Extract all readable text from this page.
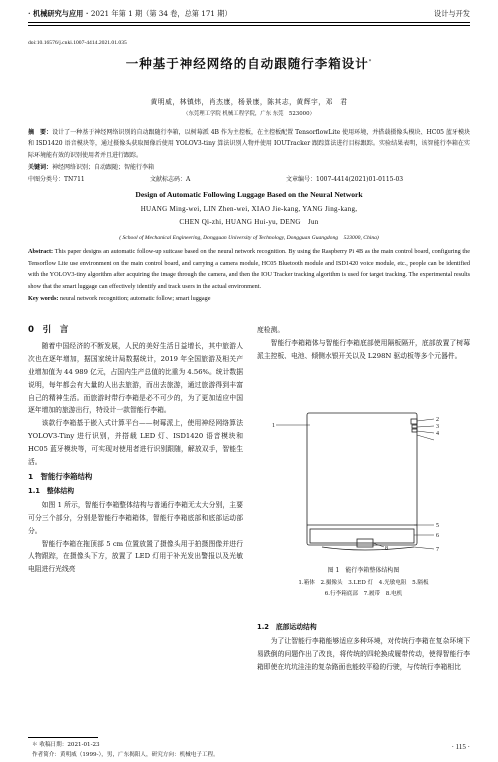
· 机械研究与应用 · 2021 年第 1 期（第 34 卷，总第 171 期）	设计与开发
doi:10.16576/j.cnki.1007-4414.2021.01.035
一种基于神经网络的自动跟随行李箱设计*
黄明威，林镇炜，肖杰康，杨景康，陈其志，黄辉宇，邓　君
（东莞理工学院 机械工程学院，广东 东莞　523000）
摘　要：设计了一种基于神经网络识别的自动跟随行李箱，以树莓派 4B 作为主控板，在主控板配置 TensorflowLite 使用环境，并搭载摄像头模块、HC05 蓝牙模块和 ISD1420 语音模块等，通过摄像头获取图像后使用 YOLOV3-tiny 算法识别人物并使用 IOUTracker 跟踪算法进行目标跟踪。实验结果表明，该智能行李箱在实际环境能有效的识别使用者并且进行跟踪。
关键词：神经网络识别；自动跟随；智能行李箱
中图分类号：TN711	文献标志码：A	文章编号：1007-4414(2021)01-0115-03
Design of Automatic Following Luggage Based on the Neural Network
HUANG Ming-wei, LIN Zhen-wei, XIAO Jie-kang, YANG Jing-kang,
CHEN Qi-zhi, HUANG Hui-yu, DENG　Jun
( School of Mechanical Engineering, Dongguan University of Technology, Dongguan Guangdong　523000, China)
Abstract: This paper designs an automatic follow-up suitcase based on the neural network recognition. By using the Raspberry Pi 4B as the main control board, configuring the Tensorflow Lite use environment on the main control board, and carrying a camera module, HC05 Bluetooth module and ISD1420 voice module, etc., people can be identified with the YOLOV3-tiny algorithm after acquiring the image through the camera, and then the IOU Tracker tracking algorithm is used for target tracking. The experimental results show that the smart luggage can effectively identify and track users in the actual environment.
Key words: neural network recognition; automatic follow; smart luggage
0　引　言

随着中国经济的不断发展，人民的美好生活日益增长，其中旅游人次也在逐年增加，据国家统计局数据统计，2019 年全国旅游及相关产业增加值为 44 989 亿元，占国内生产总值的比重为 4.56%。统计数据说明，每年都会有大量的人出去旅游，而出去旅游，通过旅游得到丰富自己的精神生活。而旅游时带行李箱是必不可少的，为了更加适应中国逐年增加的旅游出行，特设计一款智能行李箱。

该款行李箱基于嵌入式计算平台——树莓派上，使用神经网络算法 YOLOV3-Tiny 进行识别，并搭载 LED 灯、ISD1420 语音模块和 HC05 蓝牙模块等，可实现对使用者进行识别跟随，解放双手，智能生活。

1　智能行李箱结构
1.1　整体结构

如图 1 所示，智能行李箱整体结构与普通行李箱无太大分别，主要可分三个部分，分别是智能行李箱箱体，智能行李箱底部和底部运动部分。

智能行李箱在拖顶部 5 cm 位置放置了摄像头用于拍摄图像并进行人物跟踪，在摄像头下方，放置了 LED 灯用于补光发出警报以及光敏电阻进行光线亮

度检测。

智能行李箱箱体与智能行李箱底部使用隔板隔开，底部放置了树莓派主控板、电池、倾侧水银开关以及 L298N 驱动板等多个元器件。

1
2
3
4
5
6
7
8
图 1　能行李箱整体结构图
1.箱体　2.摄像头　3.LED 灯　4.光敏电阻　5.隔板
6.行李箱底部　7.履带　8.电机
1.2　底部运动结构

为了让智能行李箱能够适应多种环境，对传统行李箱在复杂环境下易跌倒的问题作出了改良，将传统的四轮换成履带传动，使得智能行李箱即使在坑坑洼洼的复杂路面也能较平稳的行驶，与传统行李箱相比

＊ 收稿日期：2021-01-23
作者简介：黄明威（1999-），男，广东揭阳人，研究方向：机械电子工程。
· 115 ·
